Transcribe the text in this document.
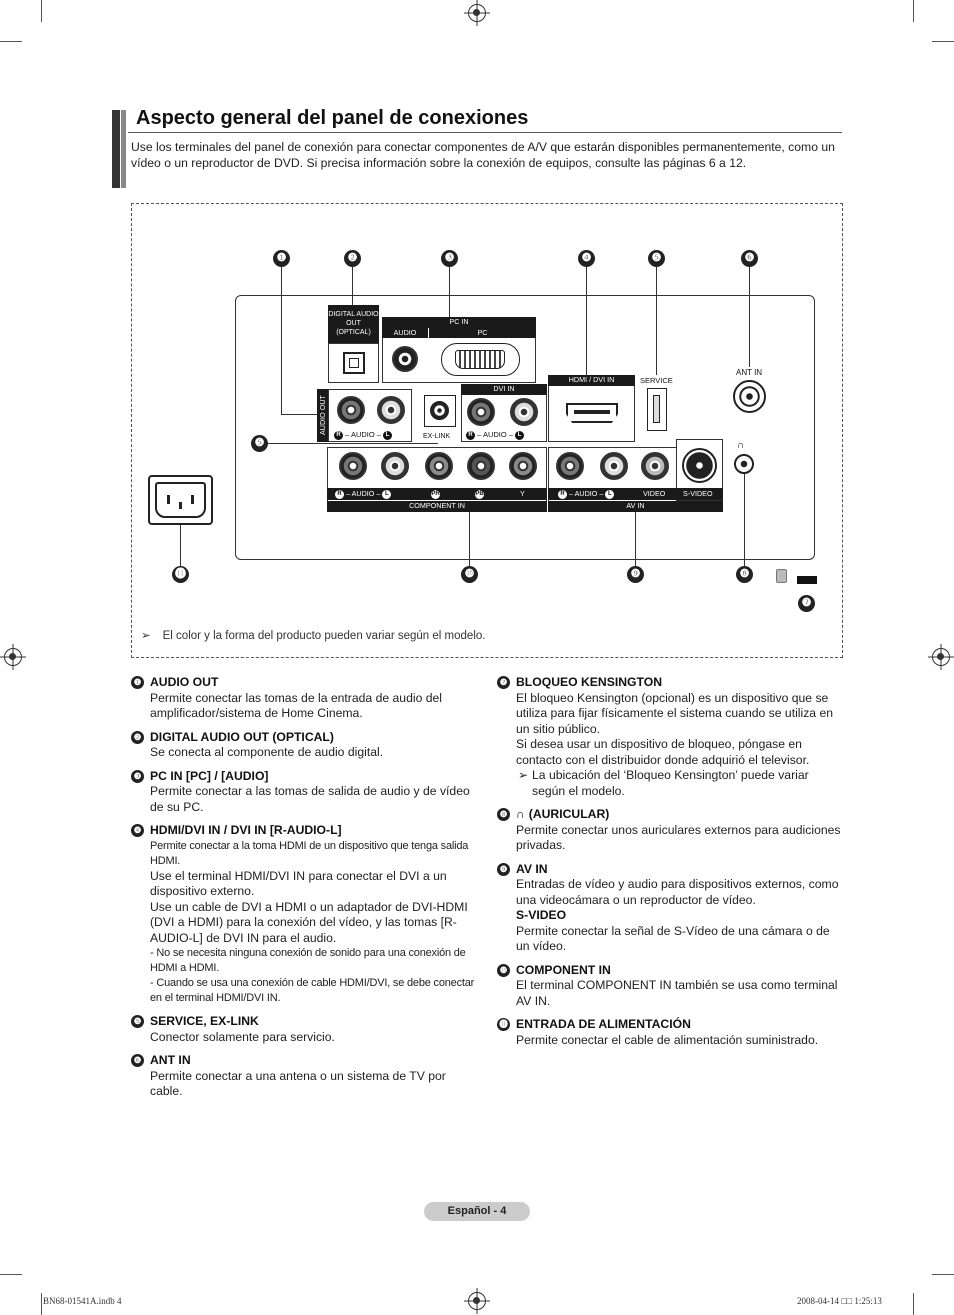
Aspecto general del panel de conexiones
Use los terminales del panel de conexión para conectar componentes de A/V que estarán disponibles permanentemente, como un vídeo o un reproductor de DVD. Si precisa información sobre la conexión de equipos, consulte las páginas 6 a 12.
❶	❷	❸	❹	❺	❻
❺
⓫	❿	❾	❽
❼
DIGITAL AUDIO OUT (OPTICAL)
PC IN
AUDIO	PC
AUDIO OUT	R – AUDIO – L	EX-LINK
DVI IN
R – AUDIO – L
HDMI / DVI IN	SERVICE
ANT IN
∩
R – AUDIO – L	PR	PB	Y
COMPONENT IN
R – AUDIO – L	VIDEO S-VIDEO
AV IN
➢ El color y la forma del producto pueden variar según el modelo.
❶ AUDIO OUT
Permite conectar las tomas de la entrada de audio del amplificador/sistema de Home Cinema.
❷ DIGITAL AUDIO OUT (OPTICAL)
Se conecta al componente de audio digital.
❸ PC IN [PC] / [AUDIO]
Permite conectar a las tomas de salida de audio y de vídeo de su PC.
❹ HDMI/DVI IN / DVI IN [R-AUDIO-L]
Permite conectar a la toma HDMI de un dispositivo que tenga salida HDMI.
Use el terminal HDMI/DVI IN para conectar el DVI a un dispositivo externo.
Use un cable de DVI a HDMI o un adaptador de DVI-HDMI (DVI a HDMI) para la conexión del vídeo, y las tomas [R-AUDIO-L] de DVI IN para el audio.
- No se necesita ninguna conexión de sonido para una conexión de HDMI a HDMI.
- Cuando se usa una conexión de cable HDMI/DVI, se debe conectar en el terminal HDMI/DVI IN.
❺ SERVICE, EX-LINK
Conector solamente para servicio.
❻ ANT IN
Permite conectar a una antena o un sistema de TV por cable.
❼ BLOQUEO KENSINGTON
El bloqueo Kensington (opcional) es un dispositivo que se utiliza para fijar físicamente el sistema cuando se utiliza en un sitio público.
Si desea usar un dispositivo de bloqueo, póngase en contacto con el distribuidor donde adquirió el televisor.
➢ La ubicación del ‘Bloqueo Kensington’ puede variar según el modelo.
❽ ∩ (AURICULAR)
Permite conectar unos auriculares externos para audiciones privadas.
❾ AV IN
Entradas de vídeo y audio para dispositivos externos, como una videocámara o un reproductor de vídeo.
S-VIDEO
Permite conectar la señal de S-Vídeo de una cámara o de un vídeo.
❿ COMPONENT IN
El terminal COMPONENT IN también se usa como terminal AV IN.
⓫ ENTRADA DE ALIMENTACIÓN
Permite conectar el cable de alimentación suministrado.
Español - 4
BN68-01541A.indb 4	2008-04-14 □□ 1:25:13
